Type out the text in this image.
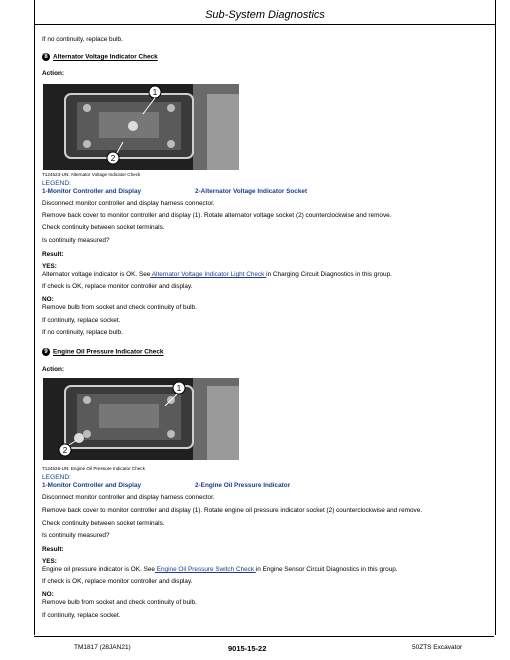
Sub-System Diagnostics
If no continuity, replace bulb.
8 Alternator Voltage Indicator Check
Action:
1
2
T124523-UN: Alternator Voltage Indicator Check
LEGEND:
1-Monitor Controller and Display	2-Alternator Voltage Indicator Socket
Disconnect monitor controller and display harness connector.
Remove back cover to monitor controller and display (1). Rotate alternator voltage socket (2) counterclockwise and remove.
Check continuity between socket terminals.
Is continuity measured?
Result:
YES:
Alternator voltage indicator is OK. See Alternator Voltage Indicator Light Check in Charging Circuit Diagnostics in this group.
If check is OK, replace monitor controller and display.
NO:
Remove bulb from socket and check continuity of bulb.
If continuity, replace socket.
If no continuity, replace bulb.
9 Engine Oil Pressure Indicator Check
Action:
1
2
T124526-UN: Engine Oil Pressure Indicator Check
LEGEND:
1-Monitor Controller and Display	2-Engine Oil Pressure Indicator
Disconnect monitor controller and display harness connector.
Remove back cover to monitor controller and display (1). Rotate engine oil pressure indicator socket (2) counterclockwise and remove.
Check continuity between socket terminals.
Is continuity measured?
Result:
YES:
Engine oil pressure indicator is OK. See Engine Oil Pressure Switch Check in Engine Sensor Circuit Diagnostics in this group.
If check is OK, replace monitor controller and display.
NO:
Remove bulb from socket and check continuity of bulb.
If continuity, replace socket.
TM1817 (28JAN21)	9015-15-22	50ZTS Excavator
